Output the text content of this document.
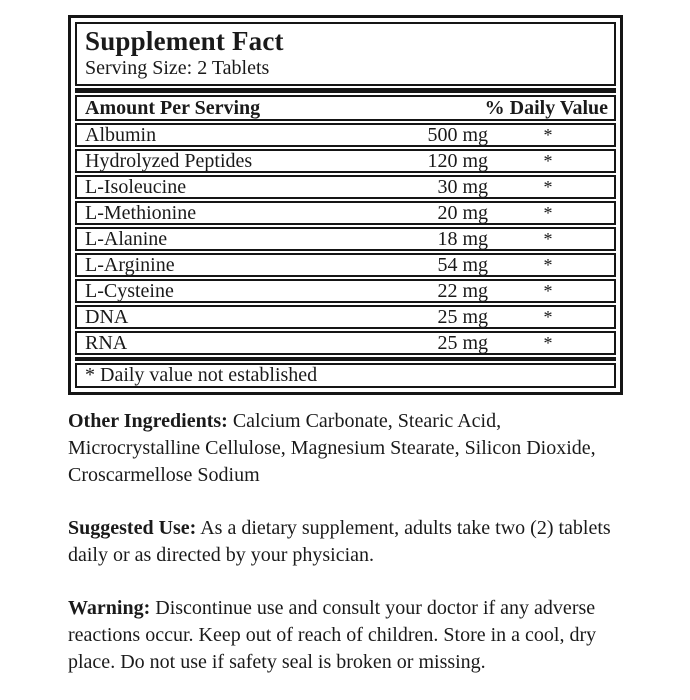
Supplement Fact
Serving Size: 2 Tablets
Amount Per Serving	% Daily Value
Albumin	500 mg	*
Hydrolyzed Peptides	120 mg	*
L-Isoleucine	30 mg	*
L-Methionine	20 mg	*
L-Alanine	18 mg	*
L-Arginine	54 mg	*
L-Cysteine	22 mg	*
DNA	25 mg	*
RNA	25 mg	*
* Daily value not established

Other Ingredients: Calcium Carbonate, Stearic Acid, Microcrystalline Cellulose, Magnesium Stearate, Silicon Dioxide, Croscarmellose Sodium

Suggested Use: As a dietary supplement, adults take two (2) tablets daily or as directed by your physician.

Warning: Discontinue use and consult your doctor if any adverse reactions occur. Keep out of reach of children. Store in a cool, dry place. Do not use if safety seal is broken or missing.
